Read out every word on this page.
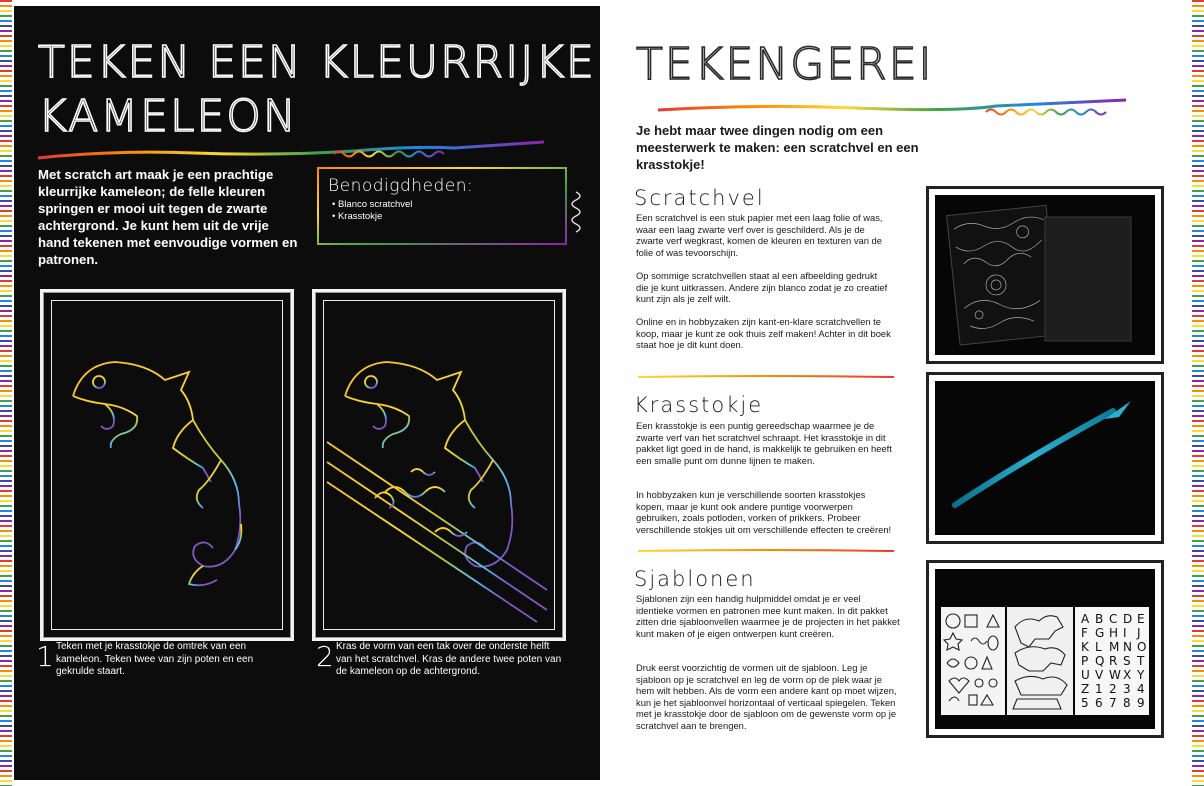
TEKEN EEN KLEURRIJKE
KAMELEON

Met scratch art maak je een prachtige kleurrijke kameleon; de felle kleuren springen er mooi uit tegen de zwarte achtergrond. Je kunt hem uit de vrije hand tekenen met eenvoudige vormen en patronen.

Benodigdheden:
• Blanco scratchvel
• Krasstokje
1 Teken met je krasstokje de omtrek van een kameleon. Teken twee van zijn poten en een gekrulde staart.	2 Kras de vorm van een tak over de onderste helft van het scratchvel. Kras de andere twee poten van de kameleon op de achtergrond.

TEKENGEREI

Je hebt maar twee dingen nodig om een meesterwerk te maken: een scratchvel en een krasstokje!

Scratchvel

Een scratchvel is een stuk papier met een laag folie of was, waar een laag zwarte verf over is geschilderd. Als je de zwarte verf wegkrast, komen de kleuren en texturen van de folie of was tevoorschijn.

Op sommige scratchvellen staat al een afbeelding gedrukt die je kunt uitkrassen. Andere zijn blanco zodat je zo creatief kunt zijn als je zelf wilt.

Online en in hobbyzaken zijn kant-en-klare scratchvellen te koop, maar je kunt ze ook thuis zelf maken! Achter in dit boek staat hoe je dit kunt doen.

Krasstokje

Een krasstokje is een puntig gereedschap waarmee je de zwarte verf van het scratchvel schraapt. Het krasstokje in dit pakket ligt goed in de hand, is makkelijk te gebruiken en heeft een smalle punt om dunne lijnen te maken.

In hobbyzaken kun je verschillende soorten krasstokjes kopen, maar je kunt ook andere puntige voorwerpen gebruiken, zoals potloden, vorken of prikkers. Probeer verschillende stokjes uit om verschillende effecten te creëren!

Sjablonen

Sjablonen zijn een handig hulpmiddel omdat je er veel identieke vormen en patronen mee kunt maken. In dit pakket zitten drie sjabloonvellen waarmee je de projecten in het pakket kunt maken of je eigen ontwerpen kunt creëren.

Druk eerst voorzichtig de vormen uit de sjabloon. Leg je sjabloon op je scratchvel en leg de vorm op de plek waar je hem wilt hebben. Als de vorm een andere kant op moet wijzen, kun je het sjabloonvel horizontaal of verticaal spiegelen. Teken met je krasstokje door de sjabloon om de gewenste vorm op je scratchvel aan te brengen.

A B C D E
F G H I J
K L M N O
P Q R S T
U V W X Y
Z 1 2 3 4
5 6 7 8 9
